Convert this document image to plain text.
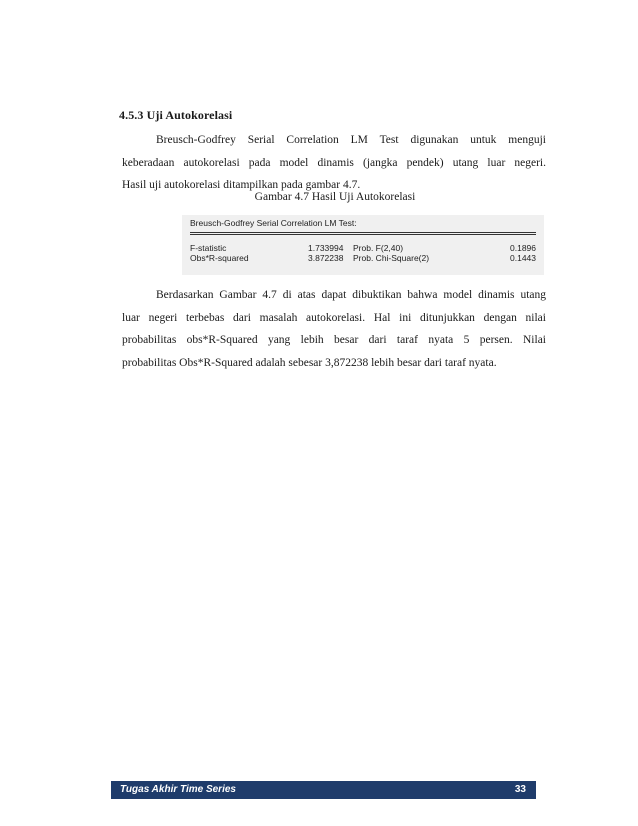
4.5.3 Uji Autokorelasi
Breusch-Godfrey Serial Correlation LM Test digunakan untuk menguji
keberadaan autokorelasi pada model dinamis (jangka pendek) utang luar negeri.
Hasil uji autokorelasi ditampilkan pada gambar 4.7.
Gambar 4.7 Hasil Uji Autokorelasi
Breusch-Godfrey Serial Correlation LM Test:
F-statistic	1.733994 Prob. F(2,40)	0.1896
Obs*R-squared	3.872238 Prob. Chi-Square(2)	0.1443
Berdasarkan Gambar 4.7 di atas dapat dibuktikan bahwa model dinamis utang
luar negeri terbebas dari masalah autokorelasi. Hal ini ditunjukkan dengan nilai
probabilitas obs*R-Squared yang lebih besar dari taraf nyata 5 persen. Nilai
probabilitas Obs*R-Squared adalah sebesar 3,872238 lebih besar dari taraf nyata.
Tugas Akhir Time Series	33
